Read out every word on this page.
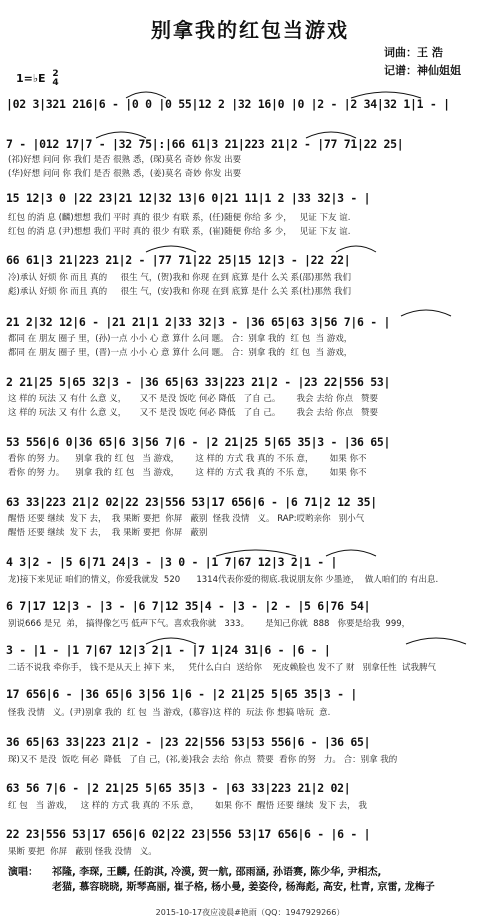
别拿我的红包当游戏
词曲：王 浩
记谱：神仙姐姐
1=♭E 2
4
|02 3|321 216|6 - |0 0 |0 55|12 2 |32 16|0 |0 |2 - |2 34|32 1|1 - |
7 - |012 17|7 - |32 75|:|66 61|3 21|223 21|2 - |77 71|22 25|
15 12|3 0 |22 23|21 12|32 13|6 0|21 11|1 2 |33 32|3 - |
66 61|3 21|223 21|2 - |77 71|22 25|15 12|3 - |22 22|
21 2|32 12|6 - |21 21|1 2|33 32|3 - |36 65|63 3|56 7|6 - |
2 21|25 5|65 32|3 - |36 65|63 33|223 21|2 - |23 22|556 53|
53 556|6 0|36 65|6 3|56 7|6 - |2 21|25 5|65 35|3 - |36 65|
63 33|223 21|2 02|22 23|556 53|17 656|6 - |6 71|2 12 35|
4 3|2 - |5 6|71 24|3 - |3 0 - |1 7|67 12|3 2|1 - |
6 7|17 12|3 - |3 - |6 7|12 35|4 - |3 - |2 - |5 6|76 54|
3 - |1 - |1 7|67 12|3 2|1 - |7 1|24 31|6 - |6 - |
17 656|6 - |36 65|6 3|56 1|6 - |2 21|25 5|65 35|3 - |
36 65|63 33|223 21|2 - |23 22|556 53|53 556|6 - |36 65|
63 56 7|6 - |2 21|25 5|65 35|3 - |63 33|223 21|2 02|
22 23|556 53|17 656|6 02|22 23|556 53|17 656|6 - |6 - |
(祁)好想 问问 你 我们 是否 很熟 悉，(琛)莫名 奇妙 你发 出要
(华)好想 问问 你 我们 是否 很熟 悉，(姜)莫名 奇妙 你发 出要
红包 的消 息 (麟)想想 我们 平时 真的 很少 有联 系，(任)随便 你给 多 少，   见证 下友 谊.
红包 的消 息 (尹)想想 我们 平时 真的 很少 有联 系，(崔)随便 你给 多 少，   见证 下友 谊.
冷)承认 好烦 你 而且 真的     很生 气，(贺)我和 你现 在到 底算 是什 么关 系(邵)那然 我们
彪)承认 好烦 你 而且 真的     很生 气，(安)我和 你现 在到 底算 是什 么关 系(杜)那然 我们
都同 在 朋友 圈子 里，(孙)一点 小小 心 意 算什 么问 题。 合：别拿 我的  红 包  当 游戏，
都同 在 朋友 圈子 里，(晋)一点 小小 心 意 算什 么问 题。 合：别拿 我的  红 包  当 游戏，
这 样的 玩法 又 有什 么意 义，     又不 是没 饭吃 何必 降低   了自 己。      我会 去给 你点   赞要
这 样的 玩法 又 有什 么意 义，     又不 是没 饭吃 何必 降低   了自 己。      我会 去给 你点   赞要
看你 的努 力。    别拿 我的 红 包   当 游戏，      这 样的 方式 我 真的 不乐 意，      如果 你不
看你 的努 力。    别拿 我的 红 包   当 游戏，      这 样的 方式 我 真的 不乐 意，      如果 你不
醒悟 还要 继续  发下 去，  我 果断 要把  你屏   蔽别  怪我 没情   义。 RAP:哎哟亲你   别小气
醒悟 还要 继续  发下 去，  我 果断 要把  你屏   蔽别
龙)接下来见证 咱们的情义，你爱我就发  520      1314代表你爱的彻底.我说朋友你 少墨迹，  做人咱们的 有出息.
别说666 是兄  弟， 搞得像乞丐 低声下气。喜欢我你就   333。      是知己你就  888   你要是给我  999，
二话不说我 牵你手， 钱不是从天上 掉下 来，   凭什么白白  送给你    死皮赖脸也 发不了 财   别拿任性  试我脾气
怪我 没情   义。(尹)别拿 我的  红 包  当 游戏，(慕容)这 样的  玩法 你 想搞 啥玩  意.
琛)又不 是没  饭吃 何必  降低   了自 己，(祁,姜)我会 去给  你点  赞要  看你 的努   力。 合：别拿 我的
红 包   当 游戏，   这 样的 方式 我 真的 不乐 意，      如果 你不  醒悟 还要 继续  发下 去， 我
果断 要把  你屏   蔽别 怪我 没情   义。
演唱：	祁隆, 李琛, 王麟, 任韵淇, 冷漠, 贺一航, 邵雨涵, 孙语赛, 陈少华, 尹相杰,
老猫, 慕容晓晓, 斯琴高丽, 崔子格, 杨小曼, 姜姿伶, 杨海彪, 高安, 杜青, 京雷, 龙梅子
2015-10-17夜应凌晨#艳雨（QQ：1947929266）
